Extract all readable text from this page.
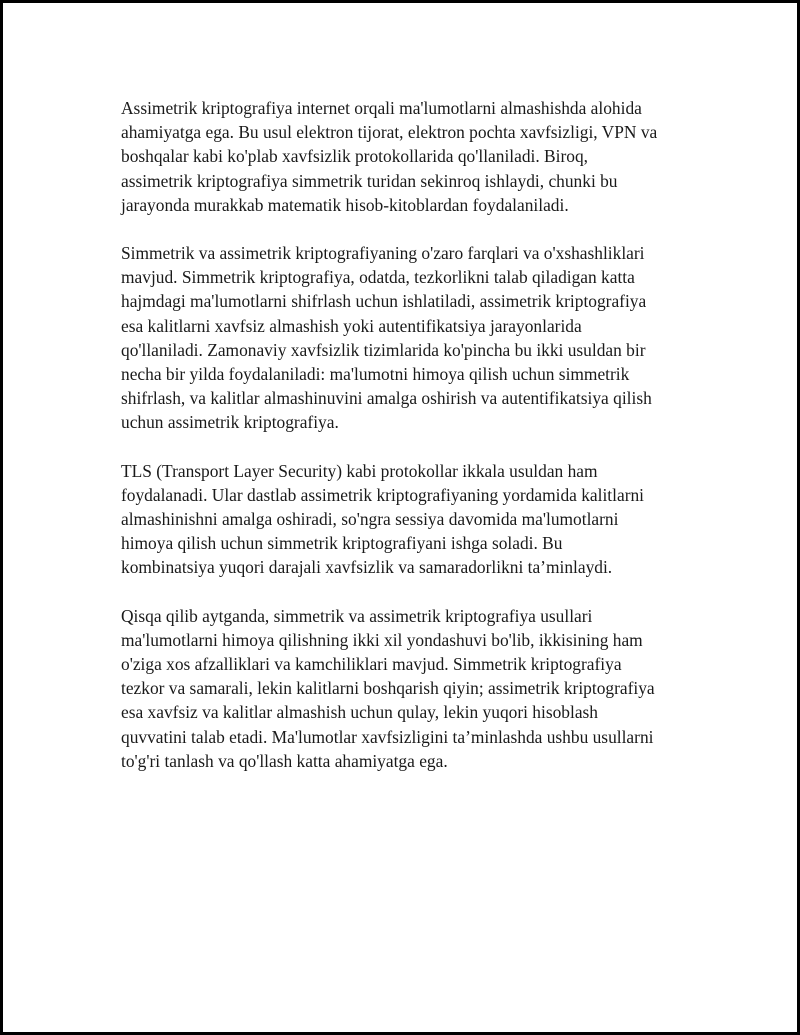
Assimetrik kriptografiya internet orqali ma'lumotlarni almashishda alohida
ahamiyatga ega. Bu usul elektron tijorat, elektron pochta xavfsizligi, VPN va
boshqalar kabi ko'plab xavfsizlik protokollarida qo'llaniladi. Biroq,
assimetrik kriptografiya simmetrik turidan sekinroq ishlaydi, chunki bu
jarayonda murakkab matematik hisob-kitoblardan foydalaniladi.

Simmetrik va assimetrik kriptografiyaning o'zaro farqlari va o'xshashliklari
mavjud. Simmetrik kriptografiya, odatda, tezkorlikni talab qiladigan katta
hajmdagi ma'lumotlarni shifrlash uchun ishlatiladi, assimetrik kriptografiya
esa kalitlarni xavfsiz almashish yoki autentifikatsiya jarayonlarida
qo'llaniladi. Zamonaviy xavfsizlik tizimlarida ko'pincha bu ikki usuldan bir
necha bir yilda foydalaniladi: ma'lumotni himoya qilish uchun simmetrik
shifrlash, va kalitlar almashinuvini amalga oshirish va autentifikatsiya qilish
uchun assimetrik kriptografiya.

TLS (Transport Layer Security) kabi protokollar ikkala usuldan ham
foydalanadi. Ular dastlab assimetrik kriptografiyaning yordamida kalitlarni
almashinishni amalga oshiradi, so'ngra sessiya davomida ma'lumotlarni
himoya qilish uchun simmetrik kriptografiyani ishga soladi. Bu
kombinatsiya yuqori darajali xavfsizlik va samaradorlikni ta’minlaydi.

Qisqa qilib aytganda, simmetrik va assimetrik kriptografiya usullari
ma'lumotlarni himoya qilishning ikki xil yondashuvi bo'lib, ikkisining ham
o'ziga xos afzalliklari va kamchiliklari mavjud. Simmetrik kriptografiya
tezkor va samarali, lekin kalitlarni boshqarish qiyin; assimetrik kriptografiya
esa xavfsiz va kalitlar almashish uchun qulay, lekin yuqori hisoblash
quvvatini talab etadi. Ma'lumotlar xavfsizligini ta’minlashda ushbu usullarni
to'g'ri tanlash va qo'llash katta ahamiyatga ega.
